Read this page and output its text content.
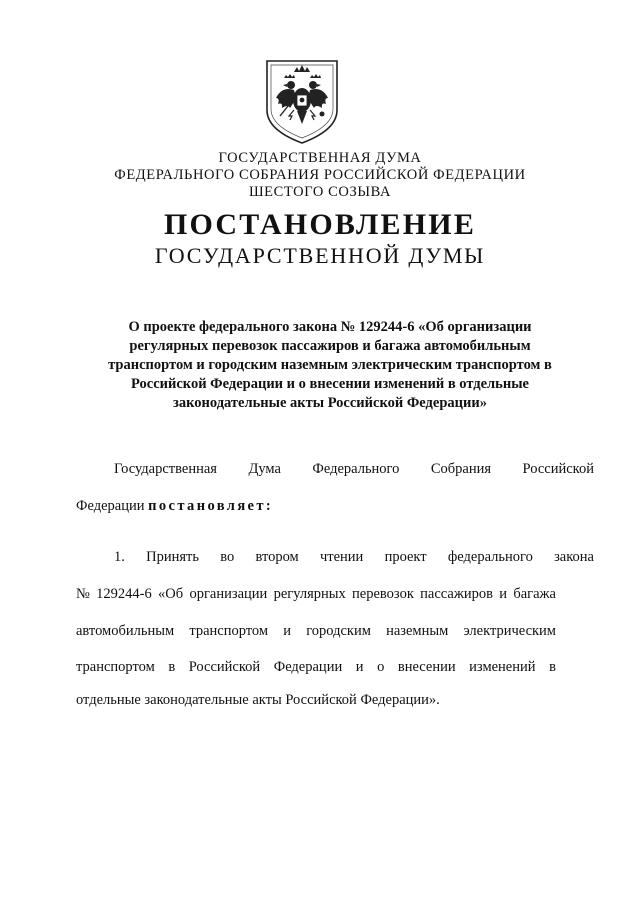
ГОСУДАРСТВЕННАЯ ДУМА
ФЕДЕРАЛЬНОГО СОБРАНИЯ РОССИЙСКОЙ ФЕДЕРАЦИИ
ШЕСТОГО СОЗЫВА
ПОСТАНОВЛЕНИЕ
ГОСУДАРСТВЕННОЙ ДУМЫ
О проекте федерального закона № 129244-6 «Об организации
регулярных перевозок пассажиров и багажа автомобильным
транспортом и городским наземным электрическим транспортом в
Российской Федерации и о внесении изменений в отдельные
законодательные акты Российской Федерации»
Государственная Дума Федерального Собрания Российской
Федерации
постановляет:
1. Принять во втором чтении проект федерального закона
№ 129244-6 «Об организации регулярных перевозок пассажиров и багажа
автомобильным транспортом и городским наземным электрическим
транспортом в Российской Федерации и о внесении изменений в
отдельные законодательные акты Российской Федерации».
